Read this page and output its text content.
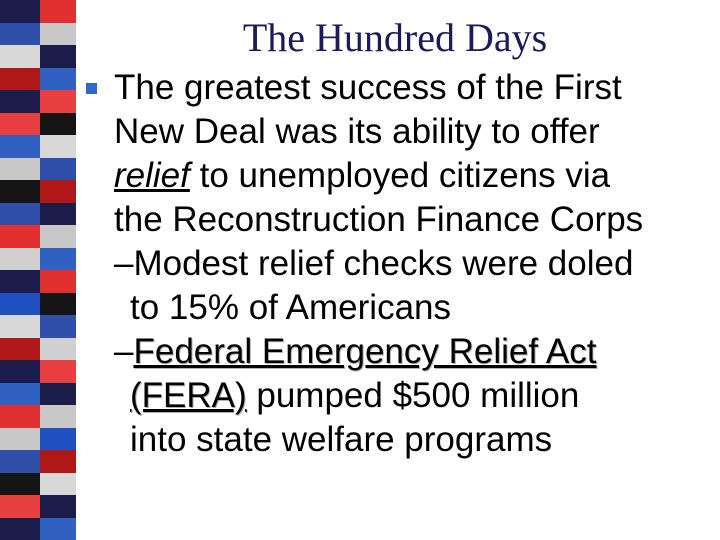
The Hundred Days
The greatest success of the First
New Deal was its ability to offer
relief to unemployed citizens via
the Reconstruction Finance Corps
–Modest relief checks were doled
to 15% of Americans
–Federal Emergency Relief Act
(FERA) pumped $500 million
into state welfare programs
